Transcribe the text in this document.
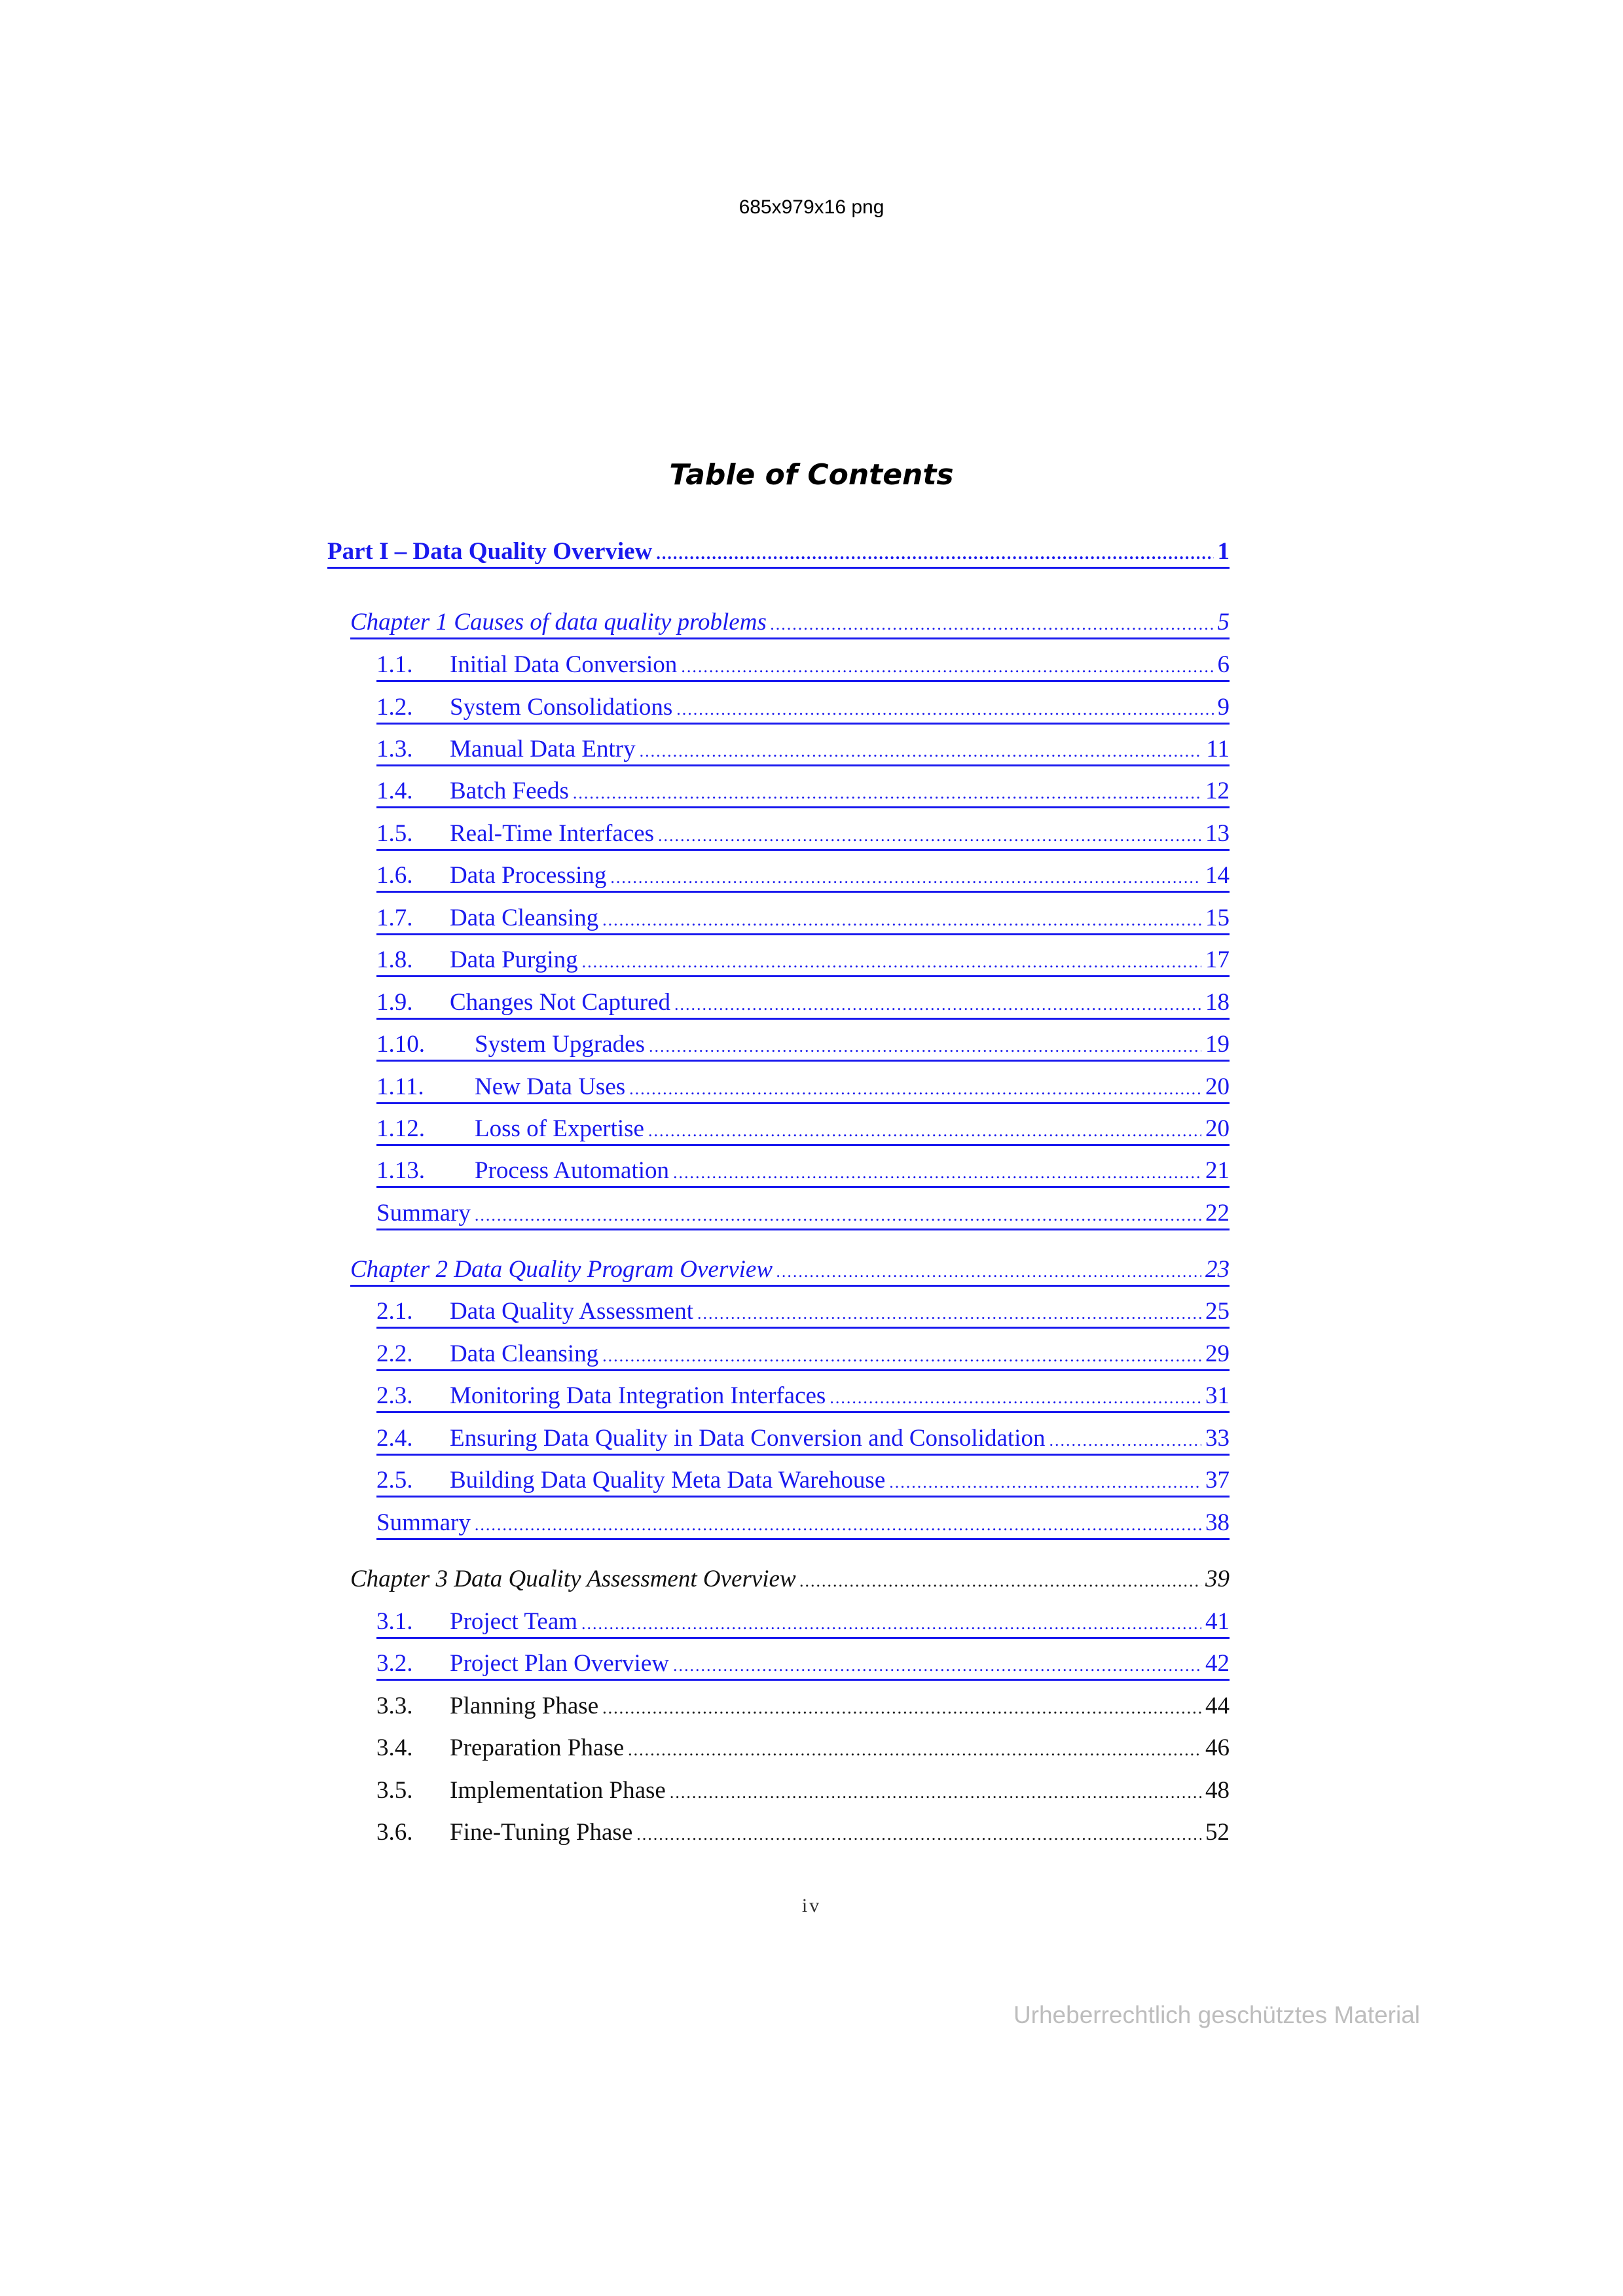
685x979x16 png
Table of Contents
Part I – Data Quality Overview .....	1
Chapter 1 Causes of data quality problems .....	5
1.1.	Initial Data Conversion .....	6
1.2.	System Consolidations .....	9
1.3.	Manual Data Entry .....	11
1.4.	Batch Feeds .....	12
1.5.	Real-Time Interfaces .....	13
1.6.	Data Processing .....	14
1.7.	Data Cleansing .....	15
1.8.	Data Purging .....	17
1.9.	Changes Not Captured .....	18
1.10.	System Upgrades .....	19
1.11.	New Data Uses .....	20
1.12.	Loss of Expertise .....	20
1.13.	Process Automation .....	21
Summary .....	22
Chapter 2 Data Quality Program Overview .....	23
2.1.	Data Quality Assessment .....	25
2.2.	Data Cleansing .....	29
2.3.	Monitoring Data Integration Interfaces .....	31
2.4.	Ensuring Data Quality in Data Conversion and Consolidation .....	33
2.5.	Building Data Quality Meta Data Warehouse .....	37
Summary .....	38
Chapter 3 Data Quality Assessment Overview .....	39
3.1.	Project Team .....	41
3.2.	Project Plan Overview .....	42
3.3.	Planning Phase .....	44
3.4.	Preparation Phase .....	46
3.5.	Implementation Phase .....	48
3.6.	Fine-Tuning Phase .....	52
iv
Urheberrechtlich geschütztes Material
